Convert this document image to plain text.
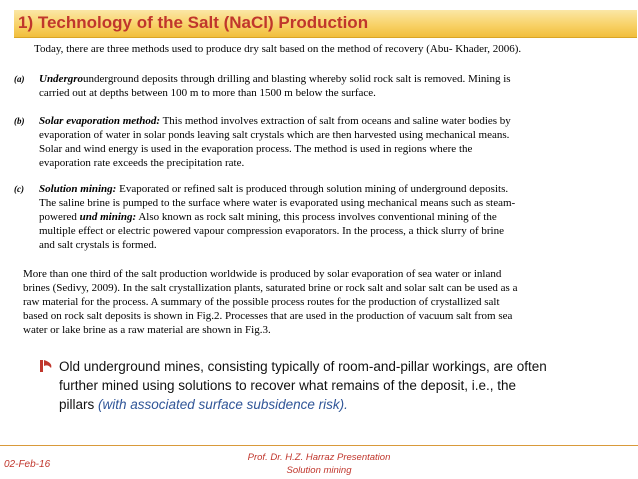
1) Technology of the Salt (NaCl) Production
Today, there are three methods used to produce dry salt based on the method of recovery (Abu- Khader, 2006).
(a) Undergrounderground deposits through drilling and blasting whereby solid rock salt is removed. Mining is
carried out at depths between 100 m to more than 1500 m below the surface.
(b) Solar evaporation method: This method involves extraction of salt from oceans and saline water bodies by
evaporation of water in solar ponds leaving salt crystals which are then harvested using mechanical means.
Solar and wind energy is used in the evaporation process. The method is used in regions where the
evaporation rate exceeds the precipitation rate.
(c) Solution mining: Evaporated or refined salt is produced through solution mining of underground deposits.
The saline brine is pumped to the surface where water is evaporated using mechanical means such as steam-
powered und mining: Also known as rock salt mining, this process involves conventional mining of the
multiple effect or electric powered vapour compression evaporators. In the process, a thick slurry of brine
and salt crystals is formed.
More than one third of the salt production worldwide is produced by solar evaporation of sea water or inland
brines (Sedivy, 2009). In the salt crystallization plants, saturated brine or rock salt and solar salt can be used as a
raw material for the process. A summary of the possible process routes for the production of crystallized salt
based on rock salt deposits is shown in Fig.2. Processes that are used in the production of vacuum salt from sea
water or lake brine as a raw material are shown in Fig.3.
Old underground mines, consisting typically of room-and-pillar workings, are often
further mined using solutions to recover what remains of the deposit, i.e., the
pillars (with associated surface subsidence risk).
02-Feb-16
Prof. Dr. H.Z. Harraz Presentation
Solution mining
